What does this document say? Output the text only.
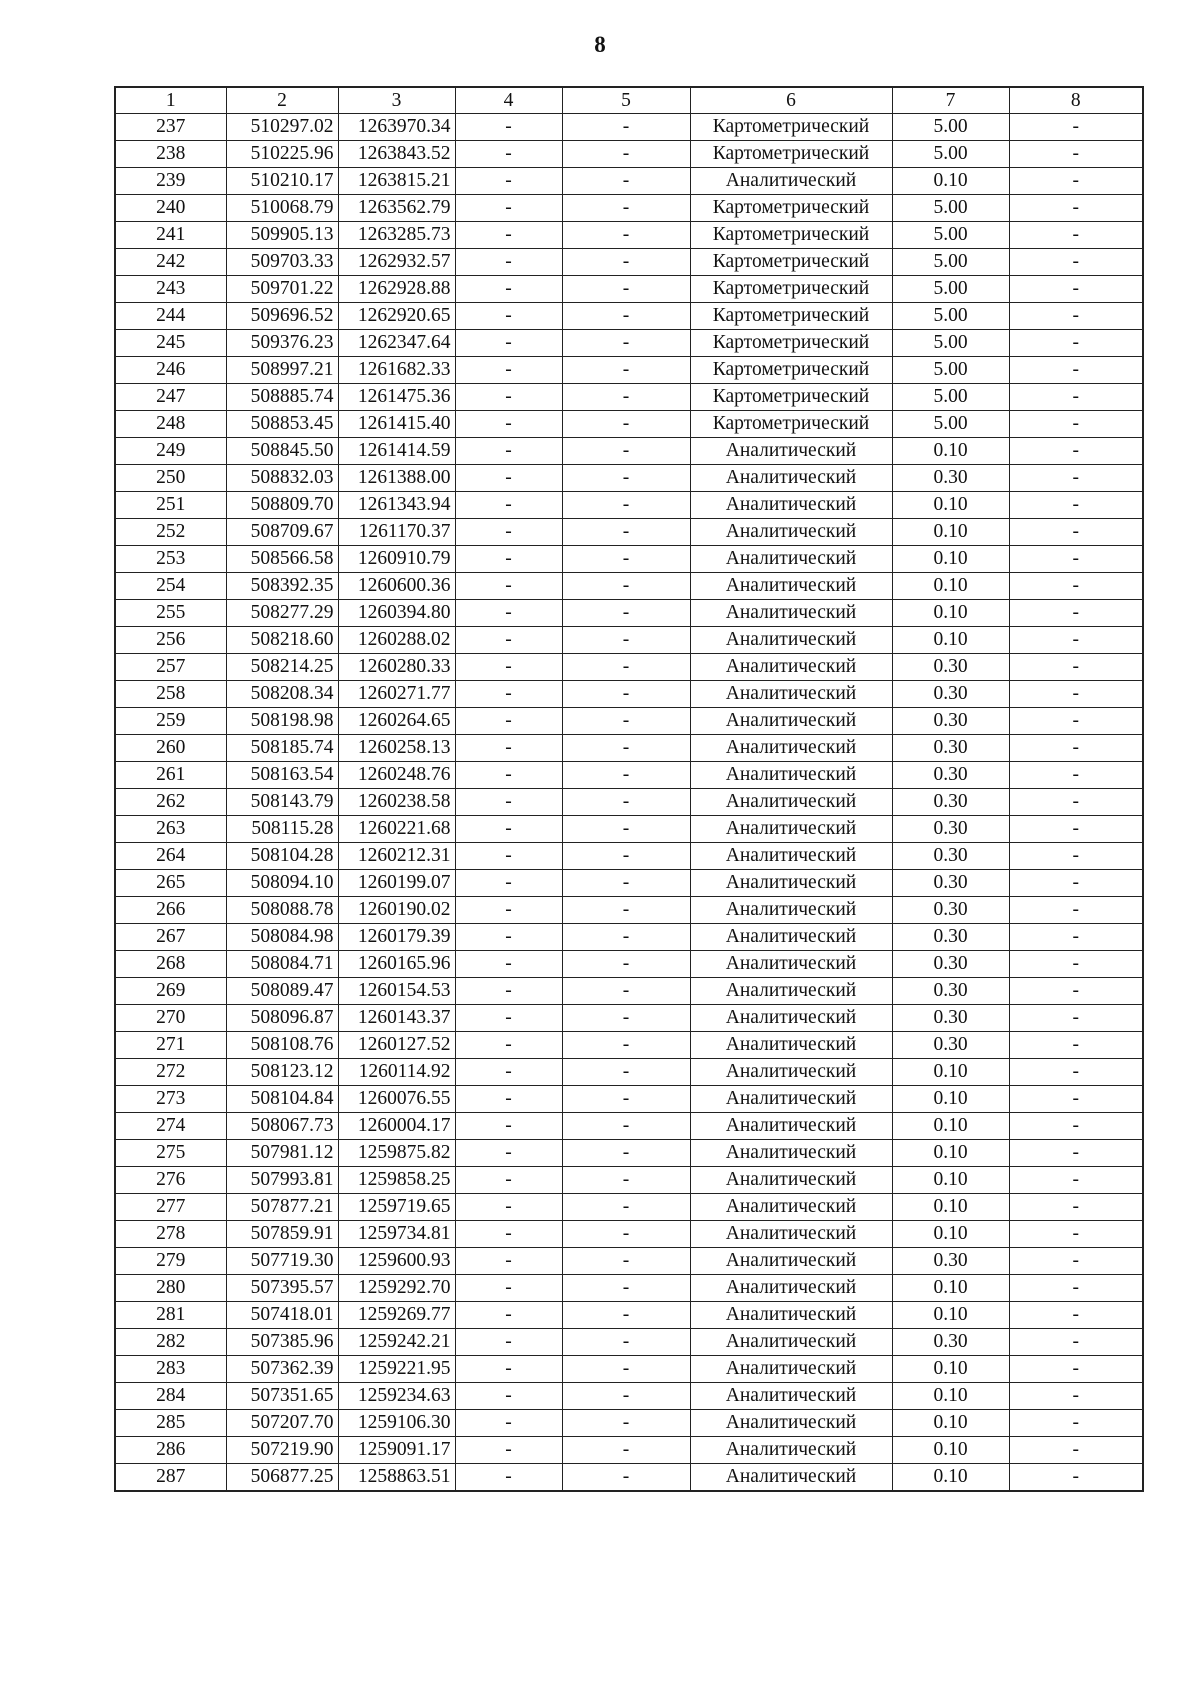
8
1	2	3	4	5	6	7	8
237	510297.02	1263970.34	-	-	Картометрический	5.00	-
238	510225.96	1263843.52	-	-	Картометрический	5.00	-
239	510210.17	1263815.21	-	-	Аналитический	0.10	-
240	510068.79	1263562.79	-	-	Картометрический	5.00	-
241	509905.13	1263285.73	-	-	Картометрический	5.00	-
242	509703.33	1262932.57	-	-	Картометрический	5.00	-
243	509701.22	1262928.88	-	-	Картометрический	5.00	-
244	509696.52	1262920.65	-	-	Картометрический	5.00	-
245	509376.23	1262347.64	-	-	Картометрический	5.00	-
246	508997.21	1261682.33	-	-	Картометрический	5.00	-
247	508885.74	1261475.36	-	-	Картометрический	5.00	-
248	508853.45	1261415.40	-	-	Картометрический	5.00	-
249	508845.50	1261414.59	-	-	Аналитический	0.10	-
250	508832.03	1261388.00	-	-	Аналитический	0.30	-
251	508809.70	1261343.94	-	-	Аналитический	0.10	-
252	508709.67	1261170.37	-	-	Аналитический	0.10	-
253	508566.58	1260910.79	-	-	Аналитический	0.10	-
254	508392.35	1260600.36	-	-	Аналитический	0.10	-
255	508277.29	1260394.80	-	-	Аналитический	0.10	-
256	508218.60	1260288.02	-	-	Аналитический	0.10	-
257	508214.25	1260280.33	-	-	Аналитический	0.30	-
258	508208.34	1260271.77	-	-	Аналитический	0.30	-
259	508198.98	1260264.65	-	-	Аналитический	0.30	-
260	508185.74	1260258.13	-	-	Аналитический	0.30	-
261	508163.54	1260248.76	-	-	Аналитический	0.30	-
262	508143.79	1260238.58	-	-	Аналитический	0.30	-
263	508115.28	1260221.68	-	-	Аналитический	0.30	-
264	508104.28	1260212.31	-	-	Аналитический	0.30	-
265	508094.10	1260199.07	-	-	Аналитический	0.30	-
266	508088.78	1260190.02	-	-	Аналитический	0.30	-
267	508084.98	1260179.39	-	-	Аналитический	0.30	-
268	508084.71	1260165.96	-	-	Аналитический	0.30	-
269	508089.47	1260154.53	-	-	Аналитический	0.30	-
270	508096.87	1260143.37	-	-	Аналитический	0.30	-
271	508108.76	1260127.52	-	-	Аналитический	0.30	-
272	508123.12	1260114.92	-	-	Аналитический	0.10	-
273	508104.84	1260076.55	-	-	Аналитический	0.10	-
274	508067.73	1260004.17	-	-	Аналитический	0.10	-
275	507981.12	1259875.82	-	-	Аналитический	0.10	-
276	507993.81	1259858.25	-	-	Аналитический	0.10	-
277	507877.21	1259719.65	-	-	Аналитический	0.10	-
278	507859.91	1259734.81	-	-	Аналитический	0.10	-
279	507719.30	1259600.93	-	-	Аналитический	0.30	-
280	507395.57	1259292.70	-	-	Аналитический	0.10	-
281	507418.01	1259269.77	-	-	Аналитический	0.10	-
282	507385.96	1259242.21	-	-	Аналитический	0.30	-
283	507362.39	1259221.95	-	-	Аналитический	0.10	-
284	507351.65	1259234.63	-	-	Аналитический	0.10	-
285	507207.70	1259106.30	-	-	Аналитический	0.10	-
286	507219.90	1259091.17	-	-	Аналитический	0.10	-
287	506877.25	1258863.51	-	-	Аналитический	0.10	-
